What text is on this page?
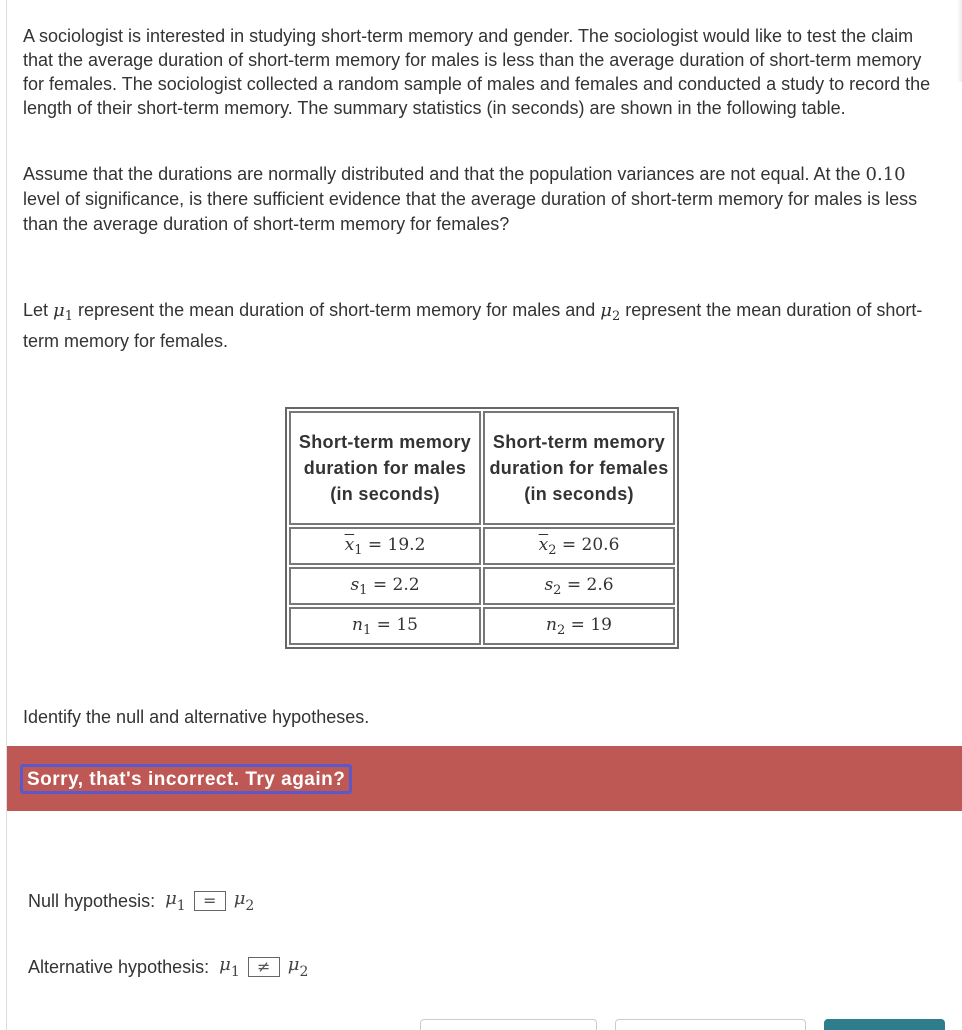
A sociologist is interested in studying short-term memory and gender. The sociologist would like to test the claim that the average duration of short-term memory for males is less than the average duration of short-term memory for females. The sociologist collected a random sample of males and females and conducted a study to record the length of their short-term memory. The summary statistics (in seconds) are shown in the following table.

Assume that the durations are normally distributed and that the population variances are not equal. At the 0.10 level of significance, is there sufficient evidence that the average duration of short-term memory for males is less than the average duration of short-term memory for females?

Let $\mu_1$ represent the mean duration of short-term memory for males and $\mu_2$ represent the mean duration of short-term memory for females.

Short-term memory duration for males (in seconds)	Short-term memory duration for females (in seconds)
$\overline{x}_1 = 19.2$	$\overline{x}_2 = 20.6$
$s_1 = 2.2$	$s_2 = 2.6$
$n_1 = 15$	$n_2 = 19$

Identify the null and alternative hypotheses.

Sorry, that's incorrect. Try again?
Null hypothesis: $\mu_1$	= $\mu_2$
Alternative hypothesis: $\mu_1$	≠ $\mu_2$
